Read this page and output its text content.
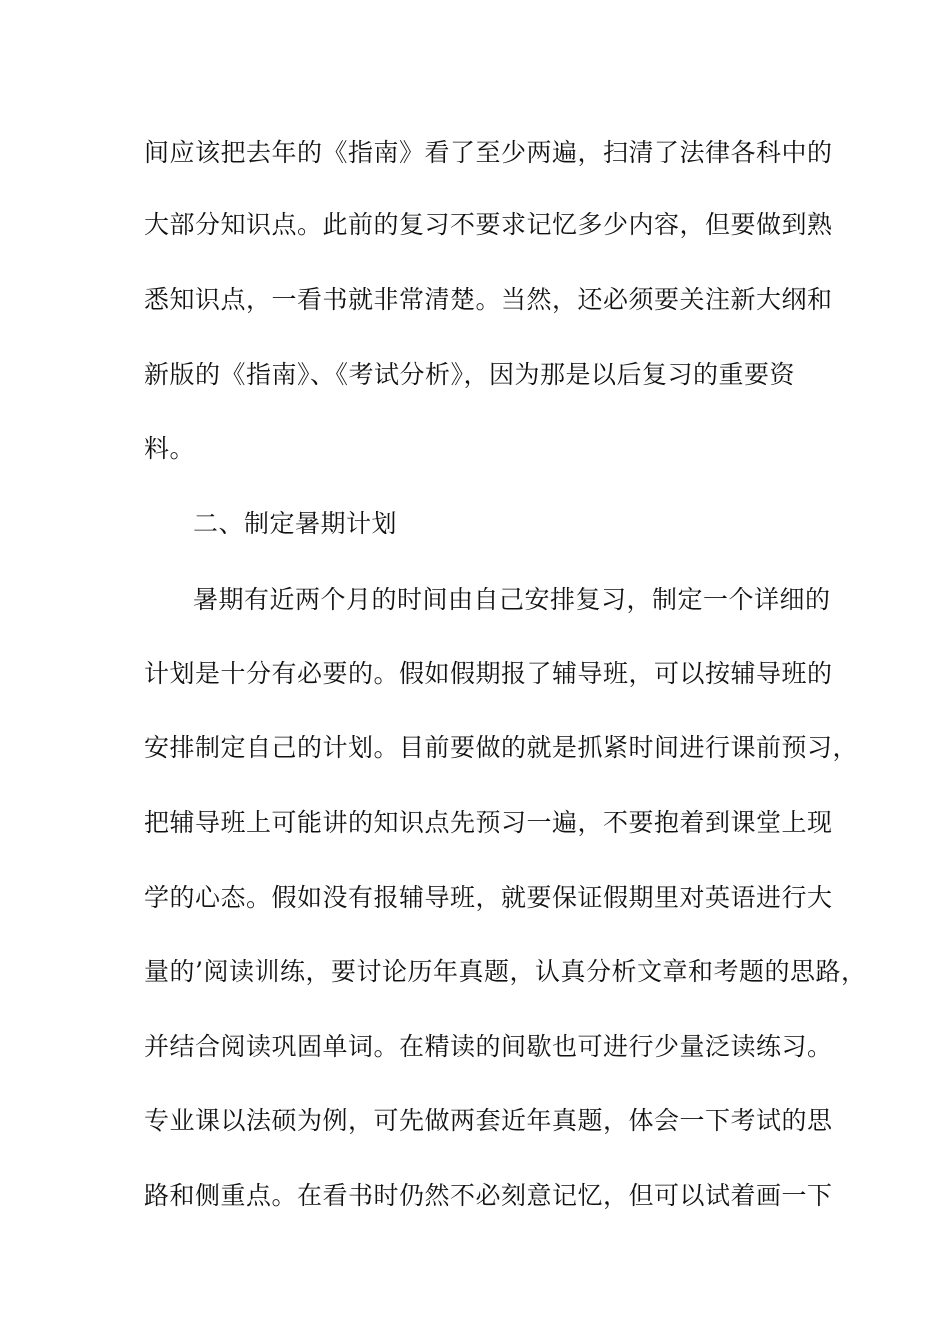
间应该把去年的《指南》看了至少两遍，扫清了法律各科中的
大部分知识点。此前的复习不要求记忆多少内容，但要做到熟
悉知识点，一看书就非常清楚。当然，还必须要关注新大纲和
新版的《指南》、《考试分析》，因为那是以后复习的重要资
料。
二、制定暑期计划
暑期有近两个月的时间由自己安排复习，制定一个详细的
计划是十分有必要的。假如假期报了辅导班，可以按辅导班的
安排制定自己的计划。目前要做的就是抓紧时间进行课前预习，
把辅导班上可能讲的知识点先预习一遍，不要抱着到课堂上现
学的心态。假如没有报辅导班，就要保证假期里对英语进行大
量的’阅读训练，要讨论历年真题，认真分析文章和考题的思路，
并结合阅读巩固单词。在精读的间歇也可进行少量泛读练习。
专业课以法硕为例，可先做两套近年真题，体会一下考试的思
路和侧重点。在看书时仍然不必刻意记忆，但可以试着画一下
